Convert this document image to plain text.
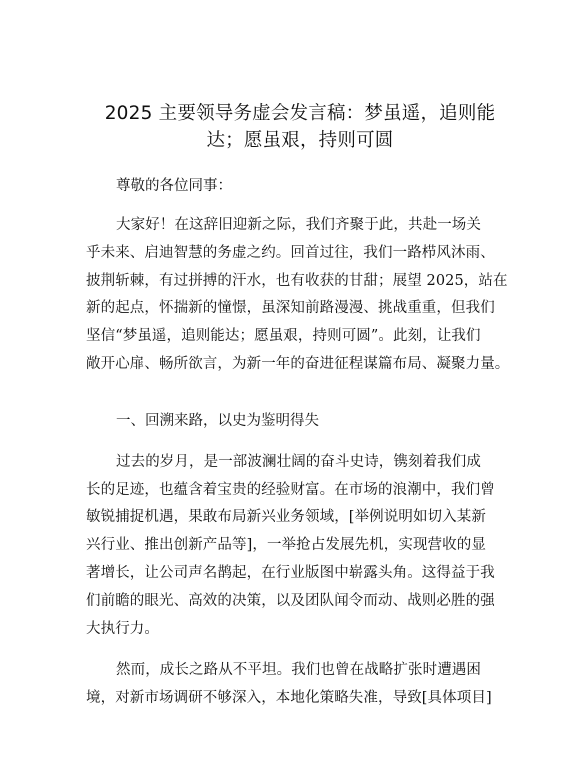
2025 主要领导务虚会发言稿：梦虽遥，追则能
达；愿虽艰，持则可圆

尊敬的各位同事：

大家好！在这辞旧迎新之际，我们齐聚于此，共赴一场关
乎未来、启迪智慧的务虚之约。回首过往，我们一路栉风沐雨、
披荆斩棘，有过拼搏的汗水，也有收获的甘甜；展望 2025，站在
新的起点，怀揣新的憧憬，虽深知前路漫漫、挑战重重，但我们
坚信“梦虽遥，追则能达；愿虽艰，持则可圆”。此刻，让我们
敞开心扉、畅所欲言，为新一年的奋进征程谋篇布局、凝聚力量。

一、回溯来路，以史为鉴明得失

过去的岁月，是一部波澜壮阔的奋斗史诗，镌刻着我们成
长的足迹，也蕴含着宝贵的经验财富。在市场的浪潮中，我们曾
敏锐捕捉机遇，果敢布局新兴业务领域，[举例说明如切入某新
兴行业、推出创新产品等]，一举抢占发展先机，实现营收的显
著增长，让公司声名鹊起，在行业版图中崭露头角。这得益于我
们前瞻的眼光、高效的决策，以及团队闻令而动、战则必胜的强
大执行力。

然而，成长之路从不平坦。我们也曾在战略扩张时遭遇困
境，对新市场调研不够深入，本地化策略失准，导致[具体项目]
